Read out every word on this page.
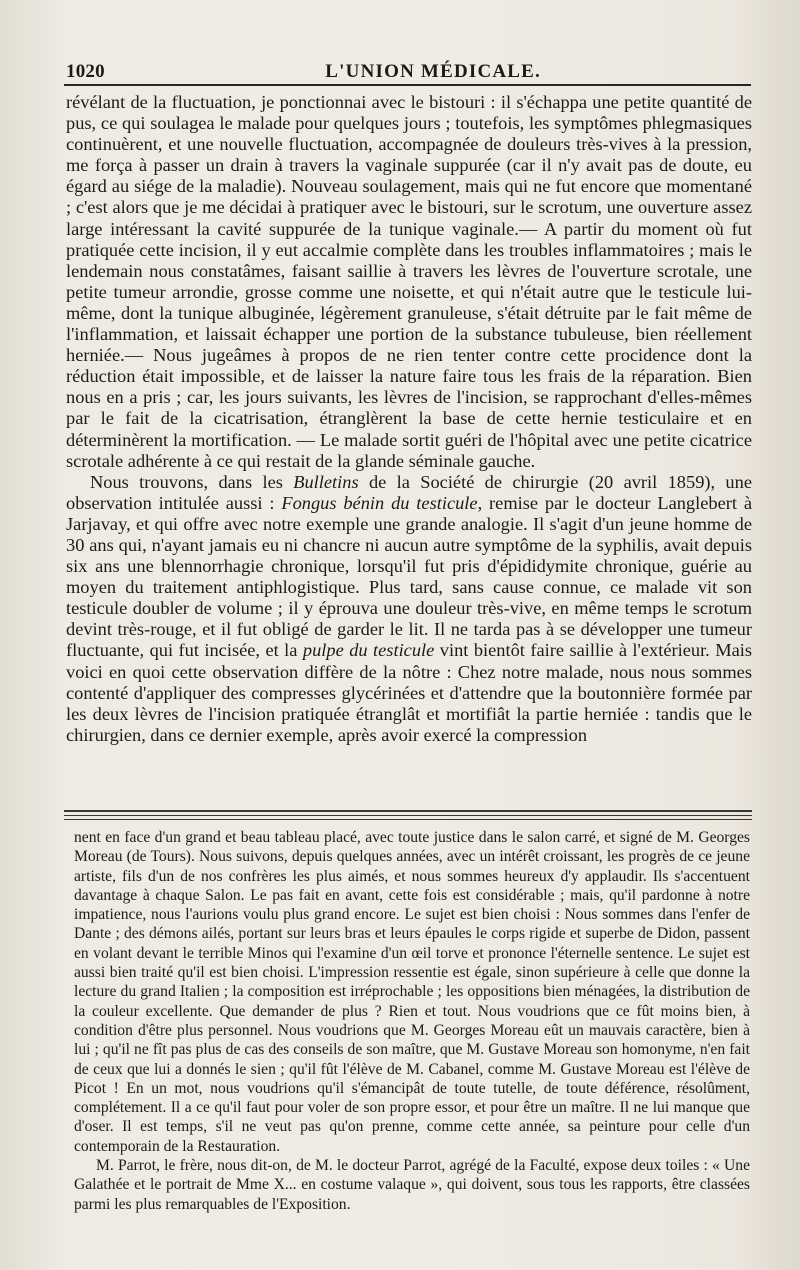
1020	L'UNION MÉDICALE.

révélant de la fluctuation, je ponctionnai avec le bistouri : il s'échappa une petite quantité de pus, ce qui soulagea le malade pour quelques jours ; toutefois, les symptômes phlegmasiques continuèrent, et une nouvelle fluctuation, accompagnée de douleurs très-vives à la pression, me força à passer un drain à travers la vaginale suppurée (car il n'y avait pas de doute, eu égard au siége de la maladie). Nouveau soulagement, mais qui ne fut encore que momentané ; c'est alors que je me décidai à pratiquer avec le bistouri, sur le scrotum, une ouverture assez large intéressant la cavité suppurée de la tunique vaginale.— A partir du moment où fut pratiquée cette incision, il y eut accalmie complète dans les troubles inflammatoires ; mais le lendemain nous constatâmes, faisant saillie à travers les lèvres de l'ouverture scrotale, une petite tumeur arrondie, grosse comme une noisette, et qui n'était autre que le testicule lui-même, dont la tunique albuginée, légèrement granuleuse, s'était détruite par le fait même de l'inflammation, et laissait échapper une portion de la substance tubuleuse, bien réellement herniée.— Nous jugeâmes à propos de ne rien tenter contre cette procidence dont la réduction était impossible, et de laisser la nature faire tous les frais de la réparation. Bien nous en a pris ; car, les jours suivants, les lèvres de l'incision, se rapprochant d'elles-mêmes par le fait de la cicatrisation, étranglèrent la base de cette hernie testiculaire et en déterminèrent la mortification. — Le malade sortit guéri de l'hôpital avec une petite cicatrice scrotale adhérente à ce qui restait de la glande séminale gauche.

Nous trouvons, dans les Bulletins de la Société de chirurgie (20 avril 1859), une observation intitulée aussi : Fongus bénin du testicule, remise par le docteur Langlebert à Jarjavay, et qui offre avec notre exemple une grande analogie. Il s'agit d'un jeune homme de 30 ans qui, n'ayant jamais eu ni chancre ni aucun autre symptôme de la syphilis, avait depuis six ans une blennorrhagie chronique, lorsqu'il fut pris d'épididymite chronique, guérie au moyen du traitement antiphlogistique. Plus tard, sans cause connue, ce malade vit son testicule doubler de volume ; il y éprouva une douleur très-vive, en même temps le scrotum devint très-rouge, et il fut obligé de garder le lit. Il ne tarda pas à se développer une tumeur fluctuante, qui fut incisée, et la pulpe du testicule vint bientôt faire saillie à l'extérieur. Mais voici en quoi cette observation diffère de la nôtre : Chez notre malade, nous nous sommes contenté d'appliquer des compresses glycérinées et d'attendre que la boutonnière formée par les deux lèvres de l'incision pratiquée étranglât et mortifiât la partie herniée : tandis que le chirurgien, dans ce dernier exemple, après avoir exercé la compression

nent en face d'un grand et beau tableau placé, avec toute justice dans le salon carré, et signé de M. Georges Moreau (de Tours). Nous suivons, depuis quelques années, avec un intérêt croissant, les progrès de ce jeune artiste, fils d'un de nos confrères les plus aimés, et nous sommes heureux d'y applaudir. Ils s'accentuent davantage à chaque Salon. Le pas fait en avant, cette fois est considérable ; mais, qu'il pardonne à notre impatience, nous l'aurions voulu plus grand encore. Le sujet est bien choisi : Nous sommes dans l'enfer de Dante ; des démons ailés, portant sur leurs bras et leurs épaules le corps rigide et superbe de Didon, passent en volant devant le terrible Minos qui l'examine d'un œil torve et prononce l'éternelle sentence. Le sujet est aussi bien traité qu'il est bien choisi. L'impression ressentie est égale, sinon supérieure à celle que donne la lecture du grand Italien ; la composition est irréprochable ; les oppositions bien ménagées, la distribution de la couleur excellente. Que demander de plus ? Rien et tout. Nous voudrions que ce fût moins bien, à condition d'être plus personnel. Nous voudrions que M. Georges Moreau eût un mauvais caractère, bien à lui ; qu'il ne fît pas plus de cas des conseils de son maître, que M. Gustave Moreau son homonyme, n'en fait de ceux que lui a donnés le sien ; qu'il fût l'élève de M. Cabanel, comme M. Gustave Moreau est l'élève de Picot ! En un mot, nous voudrions qu'il s'émancipât de toute tutelle, de toute déférence, résolûment, complétement. Il a ce qu'il faut pour voler de son propre essor, et pour être un maître. Il ne lui manque que d'oser. Il est temps, s'il ne veut pas qu'on prenne, comme cette année, sa peinture pour celle d'un contemporain de la Restauration.

M. Parrot, le frère, nous dit-on, de M. le docteur Parrot, agrégé de la Faculté, expose deux toiles : « Une Galathée et le portrait de Mme X... en costume valaque », qui doivent, sous tous les rapports, être classées parmi les plus remarquables de l'Exposition.
